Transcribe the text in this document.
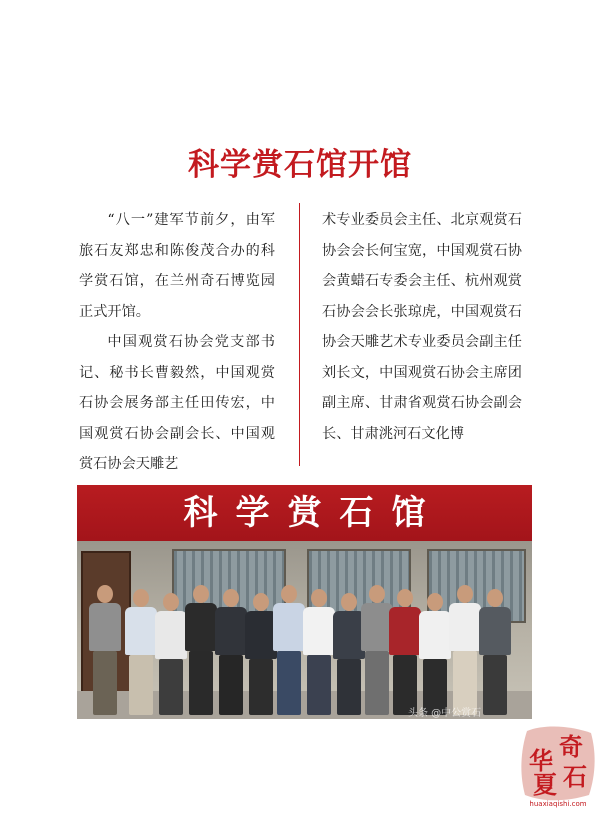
科学赏石馆开馆

“八一”建军节前夕，由军旅石友郑忠和陈俊茂合办的科学赏石馆，在兰州奇石博览园正式开馆。

中国观赏石协会党支部书记、秘书长曹毅然，中国观赏石协会展务部主任田传宏，中国观赏石协会副会长、中国观赏石协会天雕艺

术专业委员会主任、北京观赏石协会会长何宝宽，中国观赏石协会黄蜡石专委会主任、杭州观赏石协会会长张琼虎，中国观赏石协会天雕艺术专业委员会副主任刘长文，中国观赏石协会主席团副主席、甘肃省观赏石协会副会长、甘肃洮河石文化博

科学赏石馆
头条 @中公赏石
奇
华
石
夏
huaxiaqishi.com
